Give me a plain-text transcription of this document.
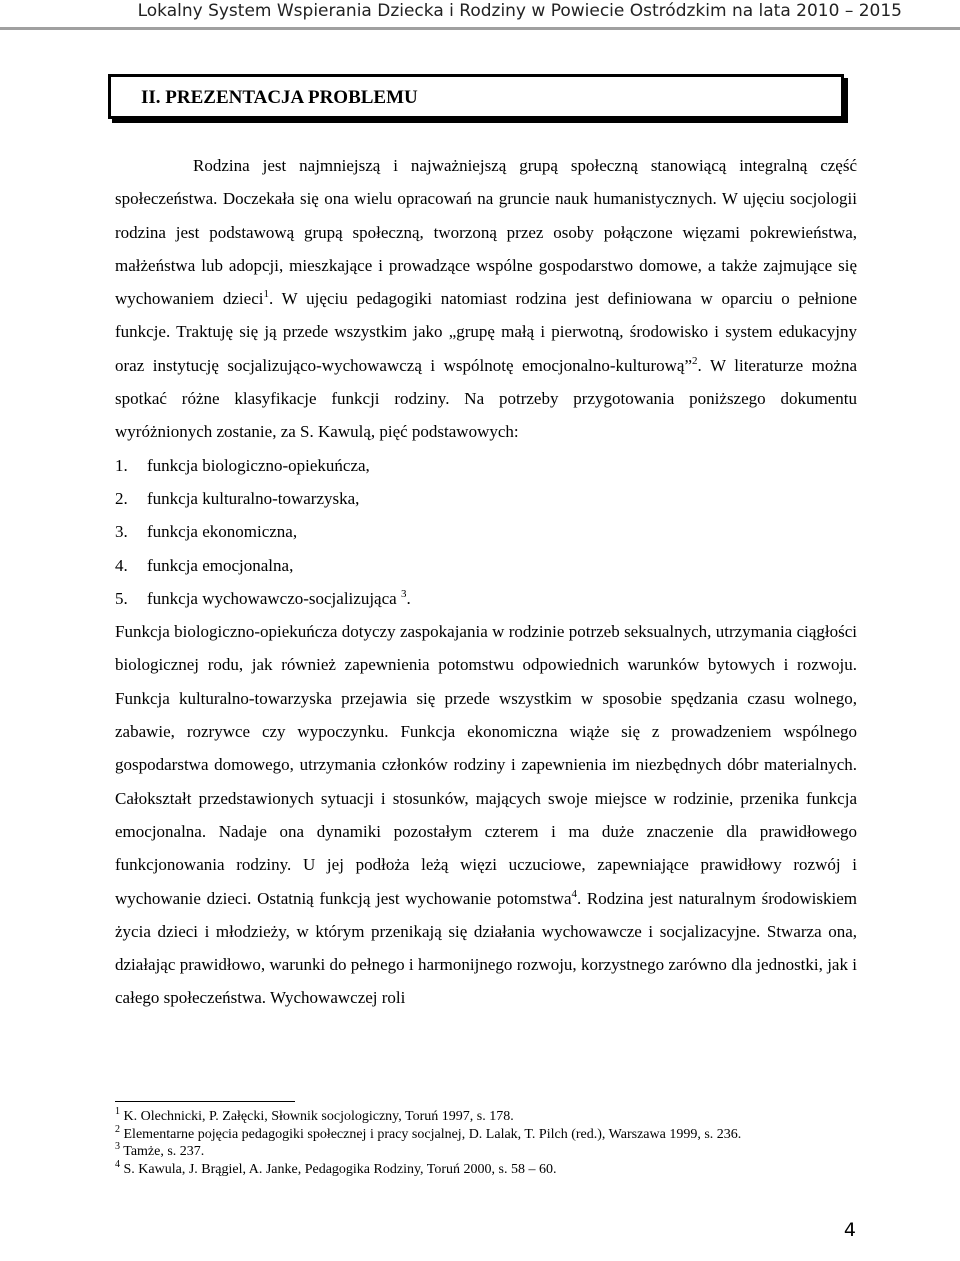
Lokalny System Wspierania Dziecka i Rodziny w Powiecie Ostródzkim na lata 2010 – 2015
II. PREZENTACJA PROBLEMU

Rodzina jest najmniejszą i najważniejszą grupą społeczną stanowiącą integralną część społeczeństwa. Doczekała się ona wielu opracowań na gruncie nauk humanistycznych. W ujęciu socjologii rodzina jest podstawową grupą społeczną, tworzoną przez osoby połączone więzami pokrewieństwa, małżeństwa lub adopcji, mieszkające i prowadzące wspólne gospodarstwo domowe, a także zajmujące się wychowaniem dzieci$^1$. W ujęciu pedagogiki natomiast rodzina jest definiowana w oparciu o pełnione funkcje. Traktuję się ją przede wszystkim jako „grupę małą i pierwotną, środowisko i system edukacyjny oraz instytucję socjalizująco-wychowawczą i wspólnotę emocjonalno-kulturową”$^2$. W literaturze można spotkać różne klasyfikacje funkcji rodziny. Na potrzeby przygotowania poniższego dokumentu wyróżnionych zostanie, za S. Kawulą, pięć podstawowych:

1. funkcja biologiczno-opiekuńcza,
2. funkcja kulturalno-towarzyska,
3. funkcja ekonomiczna,
4. funkcja emocjonalna,
5. funkcja wychowawczo-socjalizująca $^3$.

Funkcja biologiczno-opiekuńcza dotyczy zaspokajania w rodzinie potrzeb seksualnych, utrzymania ciągłości biologicznej rodu, jak również zapewnienia potomstwu odpowiednich warunków bytowych i rozwoju. Funkcja kulturalno-towarzyska przejawia się przede wszystkim w sposobie spędzania czasu wolnego, zabawie, rozrywce czy wypoczynku. Funkcja ekonomiczna wiąże się z prowadzeniem wspólnego gospodarstwa domowego, utrzymania członków rodziny i zapewnienia im niezbędnych dóbr materialnych. Całokształt przedstawionych sytuacji i stosunków, mających swoje miejsce w rodzinie, przenika funkcja emocjonalna. Nadaje ona dynamiki pozostałym czterem i ma duże znaczenie dla prawidłowego funkcjonowania rodziny. U jej podłoża leżą więzi uczuciowe, zapewniające prawidłowy rozwój i wychowanie dzieci. Ostatnią funkcją jest wychowanie potomstwa$^4$. Rodzina jest naturalnym środowiskiem życia dzieci i młodzieży, w którym przenikają się działania wychowawcze i socjalizacyjne. Stwarza ona, działając prawidłowo, warunki do pełnego i harmonijnego rozwoju, korzystnego zarówno dla jednostki, jak i całego społeczeństwa. Wychowawczej roli

$^1$ K. Olechnicki, P. Załęcki, Słownik socjologiczny, Toruń 1997, s. 178.
$^2$ Elementarne pojęcia pedagogiki społecznej i pracy socjalnej, D. Lalak, T. Pilch (red.), Warszawa 1999, s. 236.
$^3$ Tamże, s. 237.
$^4$ S. Kawula, J. Brągiel, A. Janke, Pedagogika Rodziny, Toruń 2000, s. 58 – 60.
4
